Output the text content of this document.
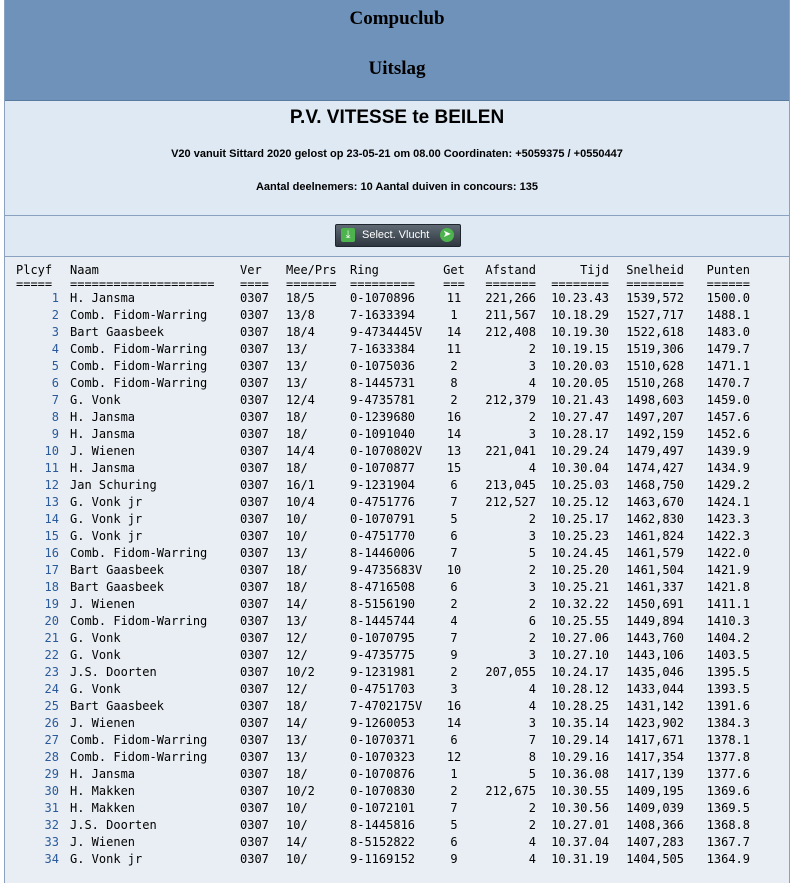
Compuclub
Uitslag
P.V. VITESSE te BEILEN
V20 vanuit Sittard 2020 gelost op 23-05-21 om 08.00 Coordinaten: +5059375 / +0550447
Aantal deelnemers: 10 Aantal duiven in concours: 135
⤓	Select. Vlucht ➤
Plcyf	Naam	Ver	Mee/Prs	Ring	Get	Afstand	Tijd	Snelheid	Punten
=====	====================	====	=======	=========	===	=======	========	========	======
1	H. Jansma	0307	18/5	0-1070896	11	221,266	10.23.43	1539,572	1500.0
2	Comb. Fidom-Warring	0307	13/8	7-1633394	1	211,567	10.18.29	1527,717	1488.1
3	Bart Gaasbeek	0307	18/4	9-4734445V	14	212,408	10.19.30	1522,618	1483.0
4	Comb. Fidom-Warring	0307	13/	7-1633384	11	2	10.19.15	1519,306	1479.7
5	Comb. Fidom-Warring	0307	13/	0-1075036	2	3	10.20.03	1510,628	1471.1
6	Comb. Fidom-Warring	0307	13/	8-1445731	8	4	10.20.05	1510,268	1470.7
7	G. Vonk	0307	12/4	9-4735781	2	212,379	10.21.43	1498,603	1459.0
8	H. Jansma	0307	18/	0-1239680	16	2	10.27.47	1497,207	1457.6
9	H. Jansma	0307	18/	0-1091040	14	3	10.28.17	1492,159	1452.6
10	J. Wienen	0307	14/4	0-1070802V	13	221,041	10.29.24	1479,497	1439.9
11	H. Jansma	0307	18/	0-1070877	15	4	10.30.04	1474,427	1434.9
12	Jan Schuring	0307	16/1	9-1231904	6	213,045	10.25.03	1468,750	1429.2
13	G. Vonk jr	0307	10/4	0-4751776	7	212,527	10.25.12	1463,670	1424.1
14	G. Vonk jr	0307	10/	0-1070791	5	2	10.25.17	1462,830	1423.3
15	G. Vonk jr	0307	10/	0-4751770	6	3	10.25.23	1461,824	1422.3
16	Comb. Fidom-Warring	0307	13/	8-1446006	7	5	10.24.45	1461,579	1422.0
17	Bart Gaasbeek	0307	18/	9-4735683V	10	2	10.25.20	1461,504	1421.9
18	Bart Gaasbeek	0307	18/	8-4716508	6	3	10.25.21	1461,337	1421.8
19	J. Wienen	0307	14/	8-5156190	2	2	10.32.22	1450,691	1411.1
20	Comb. Fidom-Warring	0307	13/	8-1445744	4	6	10.25.55	1449,894	1410.3
21	G. Vonk	0307	12/	0-1070795	7	2	10.27.06	1443,760	1404.2
22	G. Vonk	0307	12/	9-4735775	9	3	10.27.10	1443,106	1403.5
23	J.S. Doorten	0307	10/2	9-1231981	2	207,055	10.24.17	1435,046	1395.5
24	G. Vonk	0307	12/	0-4751703	3	4	10.28.12	1433,044	1393.5
25	Bart Gaasbeek	0307	18/	7-4702175V	16	4	10.28.25	1431,142	1391.6
26	J. Wienen	0307	14/	9-1260053	14	3	10.35.14	1423,902	1384.3
27	Comb. Fidom-Warring	0307	13/	0-1070371	6	7	10.29.14	1417,671	1378.1
28	Comb. Fidom-Warring	0307	13/	0-1070323	12	8	10.29.16	1417,354	1377.8
29	H. Jansma	0307	18/	0-1070876	1	5	10.36.08	1417,139	1377.6
30	H. Makken	0307	10/2	0-1070830	2	212,675	10.30.55	1409,195	1369.6
31	H. Makken	0307	10/	0-1072101	7	2	10.30.56	1409,039	1369.5
32	J.S. Doorten	0307	10/	8-1445816	5	2	10.27.01	1408,366	1368.8
33	J. Wienen	0307	14/	8-5152822	6	4	10.37.04	1407,283	1367.7
34	G. Vonk jr	0307	10/	9-1169152	9	4	10.31.19	1404,505	1364.9
